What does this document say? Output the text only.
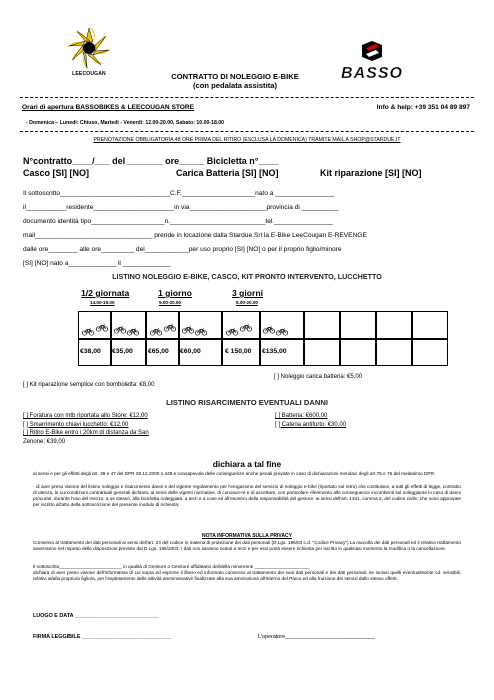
LEECOUGAN	BASSO
CONTRATTO DI NOLEGGIO E-BIKE
(con pedalata assistita)
Orari di apertura BASSOBIKES & LEECOUGAN STORE	Info & help: +39 351 04 89 897
- Domenica – Lunedi: Chiuso, Martedì - Venerdì: 12.00-20.00, Sabato: 10.00-18.00
PRENOTAZIONE OBBLIGATORIA 48 ORE PRIMA DEL RITIRO (ESCLUSA LA DOMENICA) TRAMITE MAIL A SHOP@STARDUE.IT
N°contratto____/___ del _______ ore_____ Bicicletta n°____
Casco [SI] [NO]	Carica Batteria [SI] [NO]	Kit riparazione [SI] [NO]
Il sottoscritto______________________________C.F.____________________nato a ________________
il___________residente______________________in via_____________________provincia di __________
documento identità tipo____________________n.__________________________tel.________________
mail________________________________ prende in locazione dalla Stardue Srl la E-Bike LeeCougan E-REVENGE
dalle ore________ alle ore_________ del____________per uso proprio [SI] [NO] o per il proprio figlio/minore
[SI] [NO] nato a_____________ il _____________
LISTINO NOLEGGIO E-BIKE, CASCO, KIT PRONTO INTERVENTO, LUCCHETTO
1/2 giornata
14.00-19.00
1 giorno
9.00-20.00
3 giorni
9.00-20.00
€38,00 €35,00 €65,00 €60,00	€ 150,00 €135,00
[ ] Noleggio carica batteria: €5,00
[ ] Kit riparazione semplice con bomboletta: €8,00
LISTINO RISARCIMENTO EVENTUALI DANNI
[ ] Foratura con mtb riportata allo Store: €12,00
[ ] Smarrimento chiavi lucchetto: €12,00
[ ] Ritiro E-Bike entro i 20km di distanza da San
Zenone: €39,00
[ ] Batteria: €600,00
[ ] Catena antifurto: €30,00
dichiara a tal fine
ai sensi e per gli effetti degli art. 38 e 47 del DPR 28.12.2000 n.445 e consapevole delle conseguenze anche penali previste in caso di dichiarazioni mendaci degli art.75 e 76 del medesimo DPR:
- di aver preso visione del listino noleggio e risarcimento danni e del vigente regolamento per l'erogazione del servizio di noleggio e-bike (riportato sul retro) che costituisce, a tutti gli effetti di legge, contratto di utenza, le cui condizioni contrattuali generali dichiara, ai sensi delle vigenti normative, di conosce-re e di accettare, con particolare riferimento alle conseguenze incombenti sul noleggiante in caso di danni procurati, durante l'uso del mezzo, a se stesso, alla bicicletta noleggiata, a terzi e a cose ed all'esonero della responsabilità del gestore, ai sensi dell'art. 1341, comma 2, del codice civile, che sono approvate per iscritto all'atto della sottoscrizione del presente modulo di richiesta;
NOTA INFORMATIVA SULLA PRIVACY
Consenso al trattamento dei dati personali ai sensi dell'art. 23 del codice in materia di protezione dei dati personali (D.Lgs. 196/03 c.d. "Codice Privacy") La raccolta dei dati personali ed il relativo trattamento avverranno nel rispetto delle disposizioni previste dal D.Lgs. 196/2003. I dati non saranno ceduti a terzi e per essi potrà essere richiesta per iscritto in qualsiasi momento la modifica o la cancellazione.
Il sottoscritto________________________ in qualità di Genitore o Genitore affidatario del/della minorenne _____________________
dichiara di aver preso visione dell'informativa di cui sopra ed esprime il libero ed informato consenso al trattamento dei suoi dati personali e dei dati personali, ne inclusi quelli eventualmente cd. sensibili, relativi al/alla proprio/a figlio/a, per l'espletamento delle attività amministrative finalizzate alla sua ammissione all'interno del Parco ed alla fruizione dei servizi dallo stesso offerti.
LUOGO E DATA ____________________________
FIRMA LEGGIBILE ______________________________	L'operatore______________________________
